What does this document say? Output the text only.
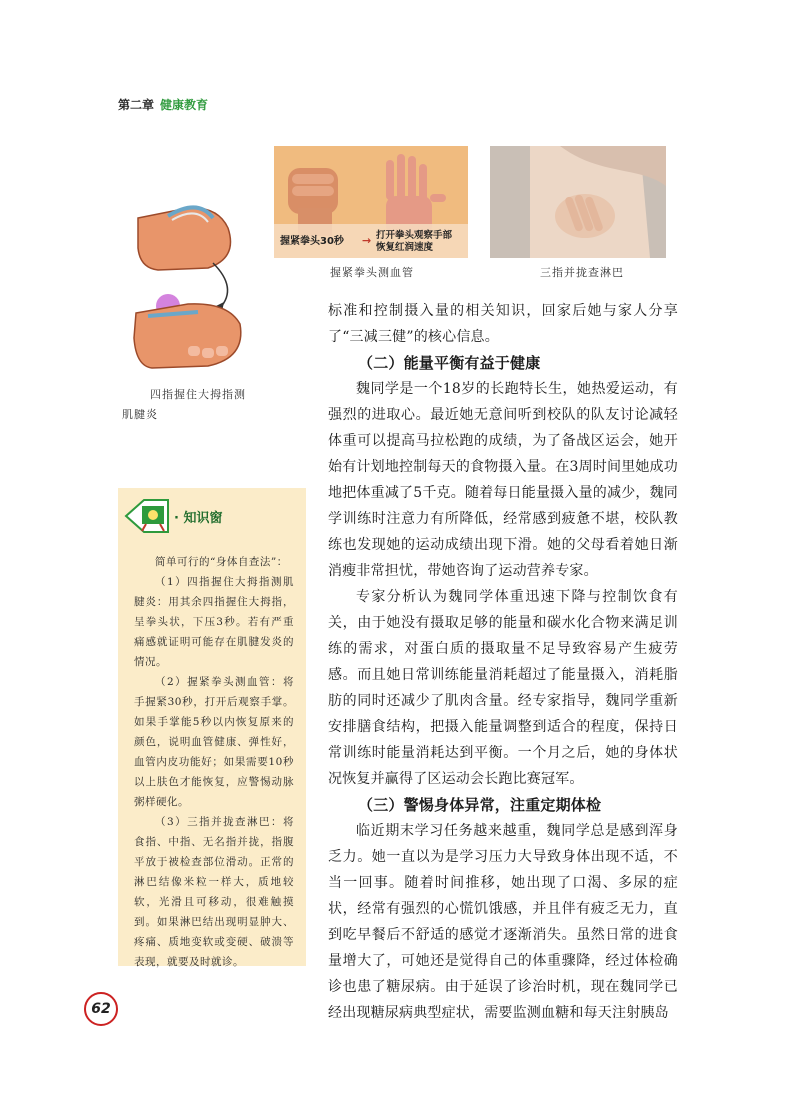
第二章 健康教育
握紧拳头30秒 → 打开拳头观察手部
恢复红润速度
握紧拳头测血管	三指并拢查淋巴
四指握住大拇指测
肌腱炎

标准和控制摄入量的相关知识，回家后她与家人分享了“三减三健”的核心信息。

（二）能量平衡有益于健康

魏同学是一个18岁的长跑特长生，她热爱运动，有强烈的进取心。最近她无意间听到校队的队友讨论减轻体重可以提高马拉松跑的成绩，为了备战区运会，她开始有计划地控制每天的食物摄入量。在3周时间里她成功地把体重减了5千克。随着每日能量摄入量的减少，魏同学训练时注意力有所降低，经常感到疲惫不堪，校队教练也发现她的运动成绩出现下滑。她的父母看着她日渐消瘦非常担忧，带她咨询了运动营养专家。

专家分析认为魏同学体重迅速下降与控制饮食有关，由于她没有摄取足够的能量和碳水化合物来满足训练的需求，对蛋白质的摄取量不足导致容易产生疲劳感。而且她日常训练能量消耗超过了能量摄入，消耗脂肪的同时还减少了肌肉含量。经专家指导，魏同学重新安排膳食结构，把摄入能量调整到适合的程度，保持日常训练时能量消耗达到平衡。一个月之后，她的身体状况恢复并赢得了区运动会长跑比赛冠军。

（三）警惕身体异常，注重定期体检

临近期末学习任务越来越重，魏同学总是感到浑身乏力。她一直以为是学习压力大导致身体出现不适，不当一回事。随着时间推移，她出现了口渴、多尿的症状，经常有强烈的心慌饥饿感，并且伴有疲乏无力，直到吃早餐后不舒适的感觉才逐渐消失。虽然日常的进食量增大了，可她还是觉得自己的体重骤降，经过体检确诊也患了糖尿病。由于延误了诊治时机，现在魏同学已经出现糖尿病典型症状，需要监测血糖和每天注射胰岛

· 知识窗

简单可行的“身体自查法”：

（1）四指握住大拇指测肌腱炎：用其余四指握住大拇指，呈拳头状，下压3秒。若有严重痛感就证明可能存在肌腱发炎的情况。

（2）握紧拳头测血管：将手握紧30秒，打开后观察手掌。如果手掌能5秒以内恢复原来的颜色，说明血管健康、弹性好，血管内皮功能好；如果需要10秒以上肤色才能恢复，应警惕动脉粥样硬化。

（3）三指并拢查淋巴：将食指、中指、无名指并拢，指腹平放于被检查部位滑动。正常的淋巴结像米粒一样大，质地较软，光滑且可移动，很难触摸到。如果淋巴结出现明显肿大、疼痛、质地变软或变硬、破溃等表现，就要及时就诊。

62
